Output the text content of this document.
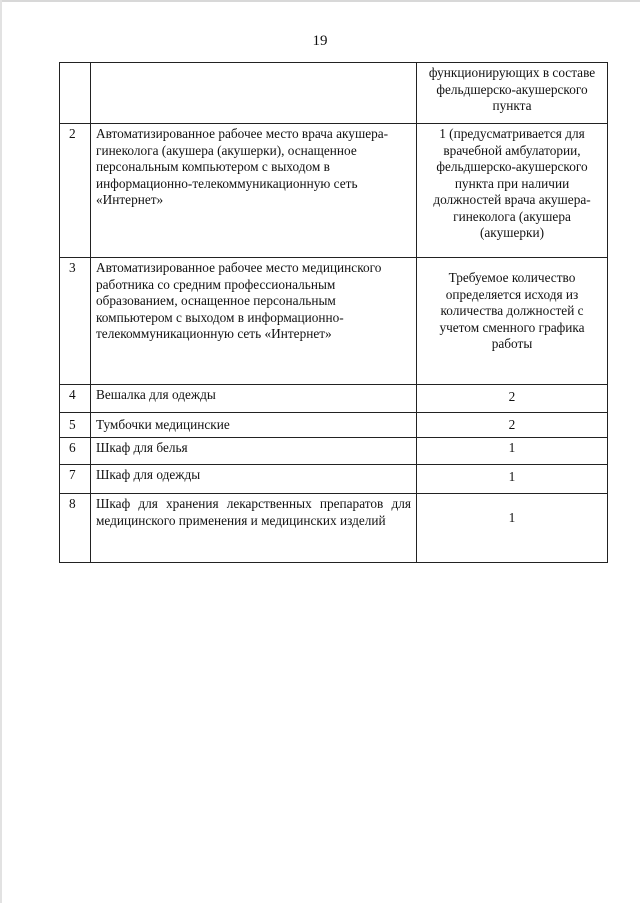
19
		функционирующих в составе фельдшерско-акушерского пункта
2	Автоматизированное рабочее место врача акушера-гинеколога (акушера (акушерки), оснащенное персональным компьютером с выходом в информационно-телекоммуникационную сеть «Интернет»	1 (предусматривается для врачебной амбулатории, фельдшерско-акушерского пункта при наличии должностей врача акушера-гинеколога (акушера (акушерки)
3	Автоматизированное рабочее место медицинского работника со средним профессиональным образованием, оснащенное персональным компьютером с выходом в информационно-телекоммуникационную сеть «Интернет»	Требуемое количество определяется исходя из количества должностей с учетом сменного графика работы
4	Вешалка для одежды	2
5	Тумбочки медицинские	2
6	Шкаф для белья	1
7	Шкаф для одежды	1
8	Шкаф для хранения лекарственных препаратов для медицинского применения и медицинских изделий	1
